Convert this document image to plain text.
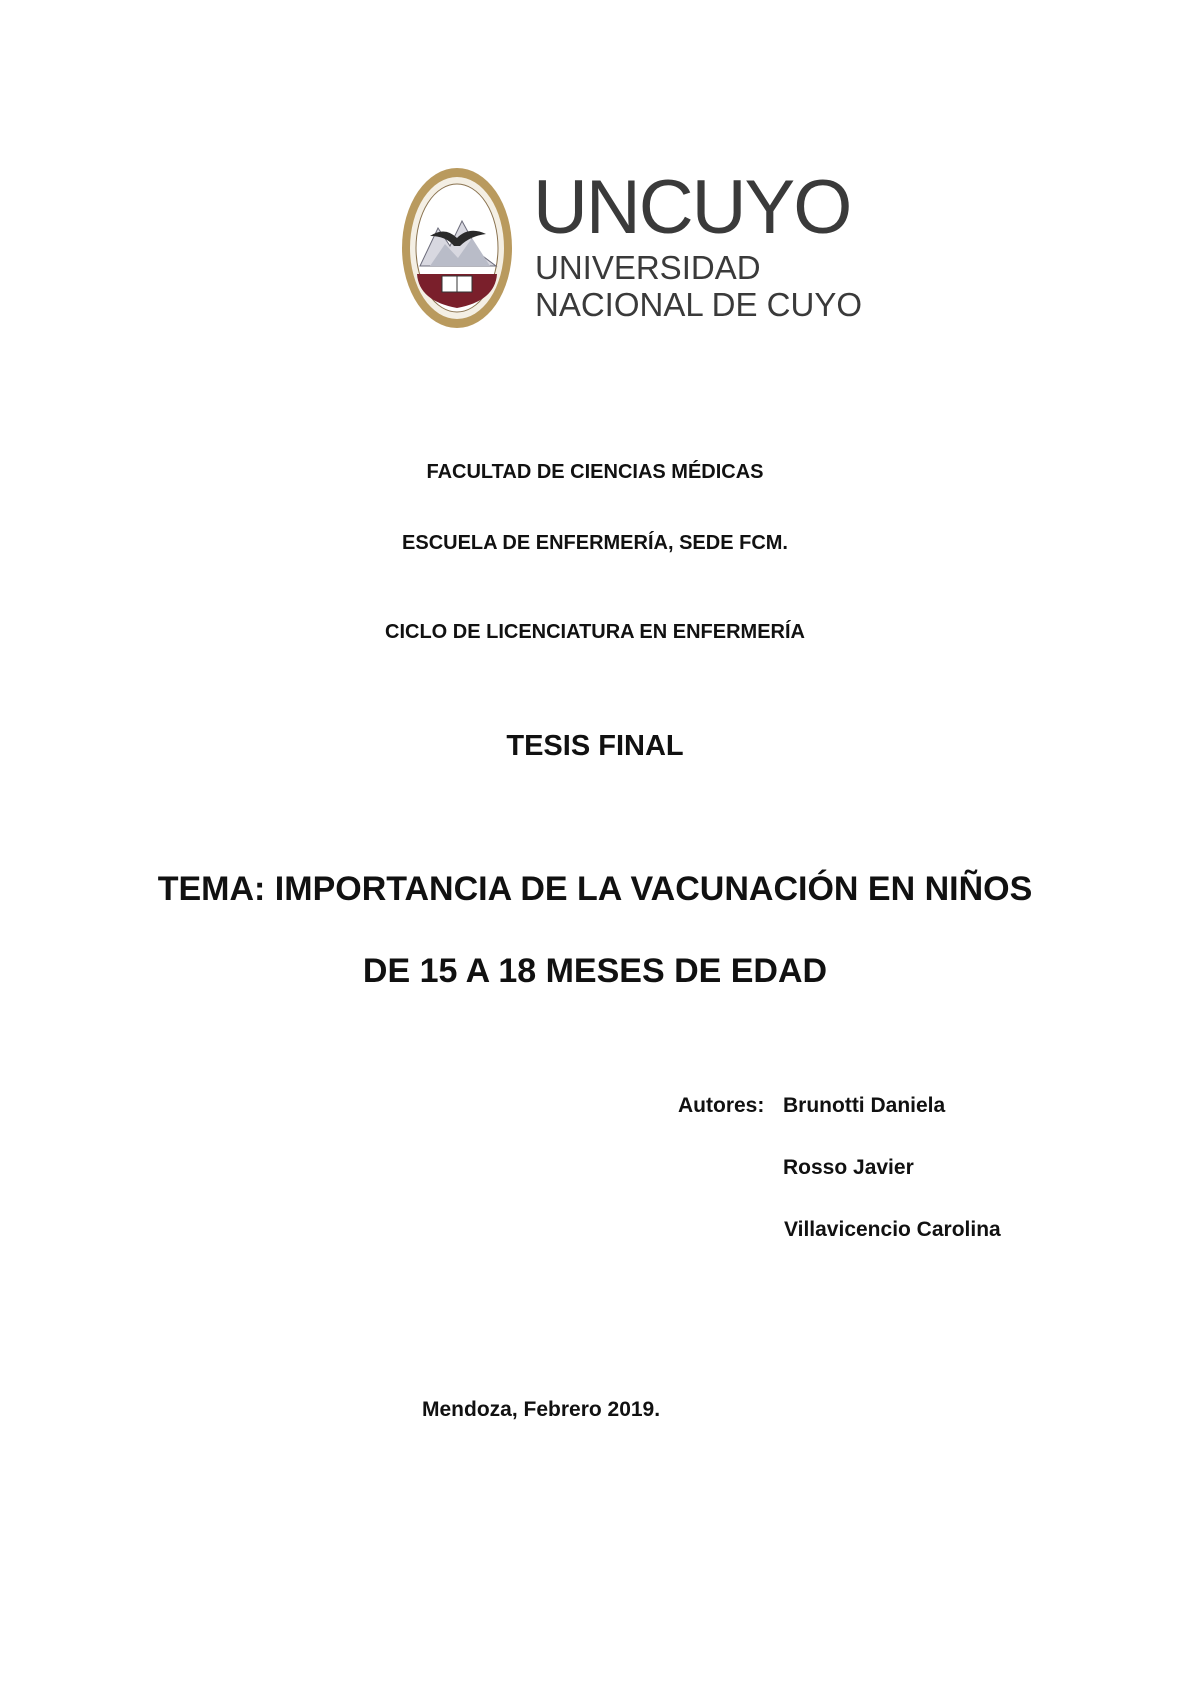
UNCUYO
UNIVERSIDAD
NACIONAL DE CUYO
FACULTAD DE CIENCIAS MÉDICAS
ESCUELA DE ENFERMERÍA, SEDE FCM.
CICLO DE LICENCIATURA EN ENFERMERÍA
TESIS FINAL
TEMA: IMPORTANCIA DE LA VACUNACIÓN EN NIÑOS
DE 15 A 18 MESES DE EDAD
Autores: Brunotti Daniela
Rosso Javier
Villavicencio Carolina
Mendoza, Febrero 2019.
